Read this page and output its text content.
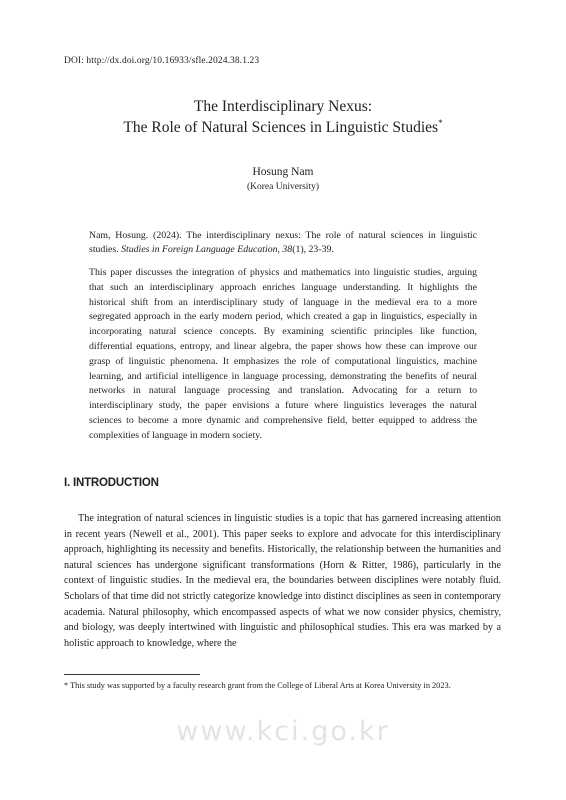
DOI: http://dx.doi.org/10.16933/sfle.2024.38.1.23
The Interdisciplinary Nexus:
The Role of Natural Sciences in Linguistic Studies*
Hosung Nam
(Korea University)
Nam, Hosung. (2024). The interdisciplinary nexus: The role of natural sciences in linguistic studies. Studies in Foreign Language Education, 38(1), 23-39.
This paper discusses the integration of physics and mathematics into linguistic studies, arguing that such an interdisciplinary approach enriches language understanding. It highlights the historical shift from an interdisciplinary study of language in the medieval era to a more segregated approach in the early modern period, which created a gap in linguistics, especially in incorporating natural science concepts. By examining scientific principles like function, differential equations, entropy, and linear algebra, the paper shows how these can improve our grasp of linguistic phenomena. It emphasizes the role of computational linguistics, machine learning, and artificial intelligence in language processing, demonstrating the benefits of neural networks in natural language processing and translation. Advocating for a return to interdisciplinary study, the paper envisions a future where linguistics leverages the natural sciences to become a more dynamic and comprehensive field, better equipped to address the complexities of language in modern society.
I. INTRODUCTION
The integration of natural sciences in linguistic studies is a topic that has garnered increasing attention in recent years (Newell et al., 2001). This paper seeks to explore and advocate for this interdisciplinary approach, highlighting its necessity and benefits. Historically, the relationship between the humanities and natural sciences has undergone significant transformations (Horn & Ritter, 1986), particularly in the context of linguistic studies. In the medieval era, the boundaries between disciplines were notably fluid. Scholars of that time did not strictly categorize knowledge into distinct disciplines as seen in contemporary academia. Natural philosophy, which encompassed aspects of what we now consider physics, chemistry, and biology, was deeply intertwined with linguistic and philosophical studies. This era was marked by a holistic approach to knowledge, where the
* This study was supported by a faculty research grant from the College of Liberal Arts at Korea University in 2023.
www.kci.go.kr
